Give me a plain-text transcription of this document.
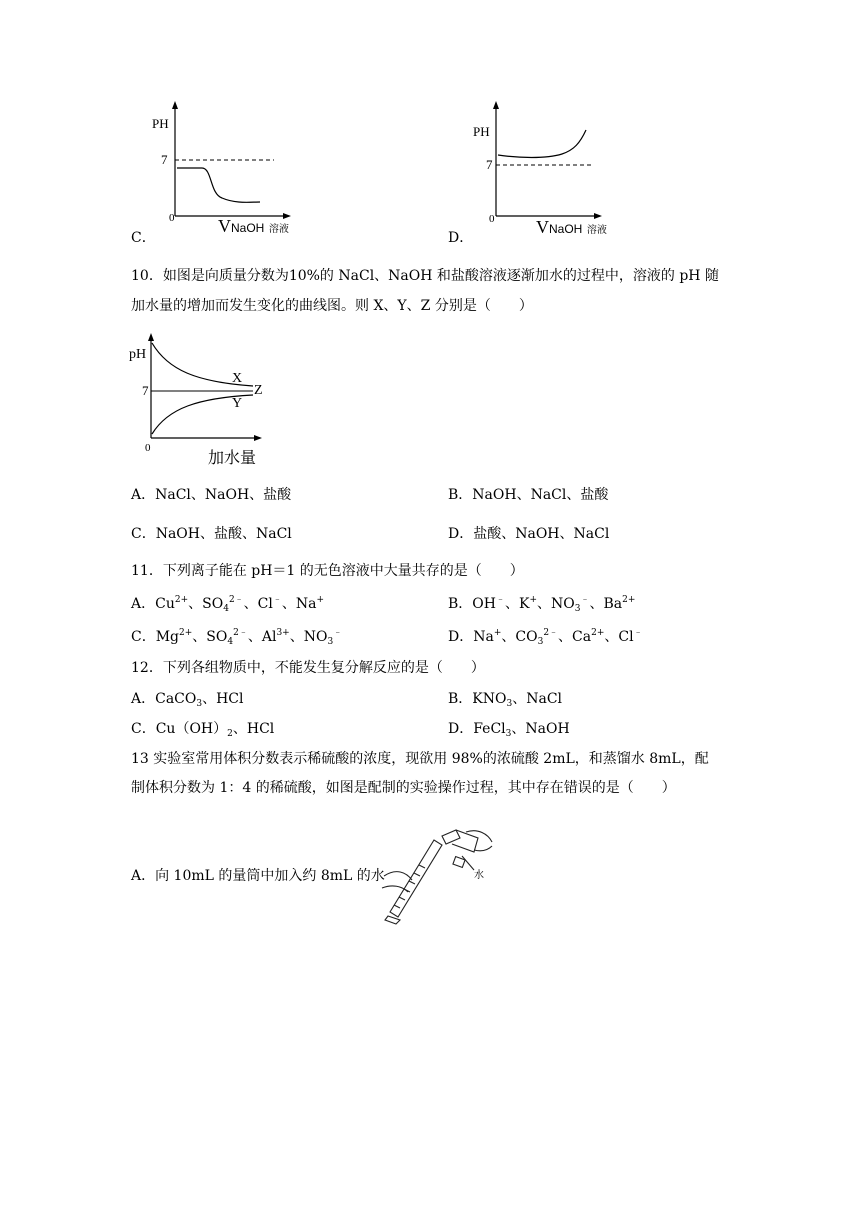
PH
7
0 VNaOH 溶液
C．
PH
7
0 VNaOH 溶液
D．
10．如图是向质量分数为10%的 NaCl、NaOH 和盐酸溶液逐渐加水的过程中，溶液的 pH 随
加水量的增加而发生变化的曲线图。则 X、Y、Z 分别是（　　）
pH
7
0
X
Z
Y
加水量
A．NaCl、NaOH、盐酸	B．NaOH、NaCl、盐酸
C．NaOH、盐酸、NaCl	D．盐酸、NaOH、NaCl
11．下列离子能在 pH＝1 的无色溶液中大量共存的是（　　）
A．$Cu^{2+}$、$SO_4^{2﹣}$、Cl﹣、Na+	B．OH﹣、K+、$NO_3^﹣$、$Ba^{2+}$
C．$Mg^{2+}$、$SO_4^{2﹣}$、$Al^{3+}$、$NO_3^﹣$	D．Na+、$CO_3^{2﹣}$、$Ca^{2+}$、Cl﹣
12．下列各组物质中，不能发生复分解反应的是（　　）
A．CaCO$_3$、HCl	B．$KNO_3$、NaCl
C．$Cu(OH)_2$、HCl	D．FeCl$_3$、NaOH
13 实验室常用体积分数表示稀硫酸的浓度，现欲用 98%的浓硫酸 2mL，和蒸馏水 8mL，配
制体积分数为 1：4 的稀硫酸，如图是配制的实验操作过程，其中存在错误的是（　　）
A．向 10mL 的量筒中加入约 8mL 的水	水
